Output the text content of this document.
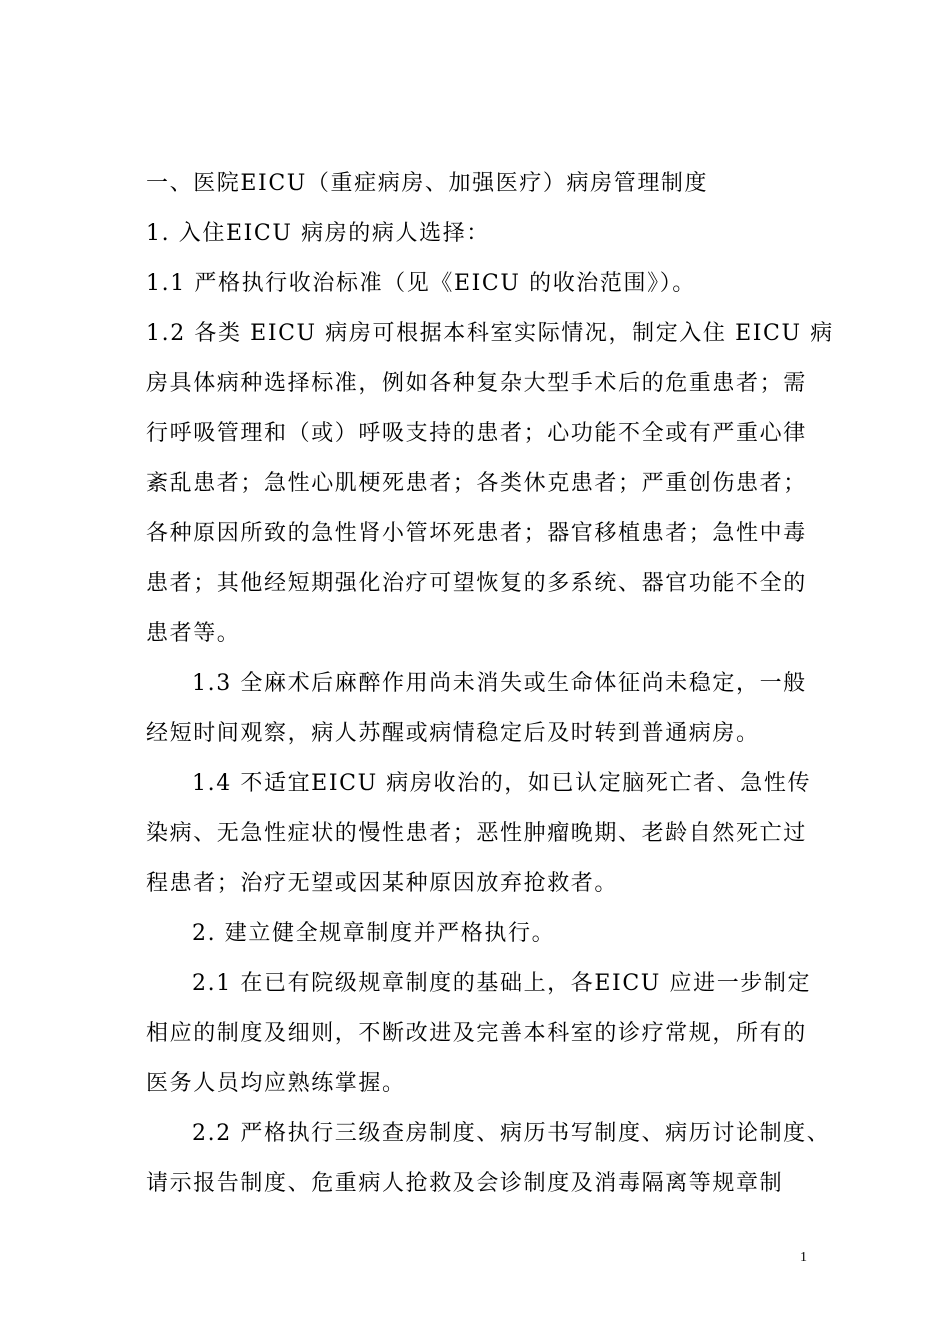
一、医院EICU（重症病房、加强医疗）病房管理制度
1. 入住EICU 病房的病人选择：
1.1 严格执行收治标准（见《EICU 的收治范围》）。
1.2 各类 EICU 病房可根据本科室实际情况，制定入住 EICU 病
房具体病种选择标准，例如各种复杂大型手术后的危重患者；需
行呼吸管理和（或）呼吸支持的患者；心功能不全或有严重心律
紊乱患者；急性心肌梗死患者；各类休克患者；严重创伤患者；
各种原因所致的急性肾小管坏死患者；器官移植患者；急性中毒
患者；其他经短期强化治疗可望恢复的多系统、器官功能不全的
患者等。
1.3 全麻术后麻醉作用尚未消失或生命体征尚未稳定，一般
经短时间观察，病人苏醒或病情稳定后及时转到普通病房。
1.4 不适宜EICU 病房收治的，如已认定脑死亡者、急性传
染病、无急性症状的慢性患者；恶性肿瘤晚期、老龄自然死亡过
程患者；治疗无望或因某种原因放弃抢救者。
2. 建立健全规章制度并严格执行。
2.1 在已有院级规章制度的基础上，各EICU 应进一步制定
相应的制度及细则，不断改进及完善本科室的诊疗常规，所有的
医务人员均应熟练掌握。
2.2 严格执行三级查房制度、病历书写制度、病历讨论制度、
请示报告制度、危重病人抢救及会诊制度及消毒隔离等规章制
1
